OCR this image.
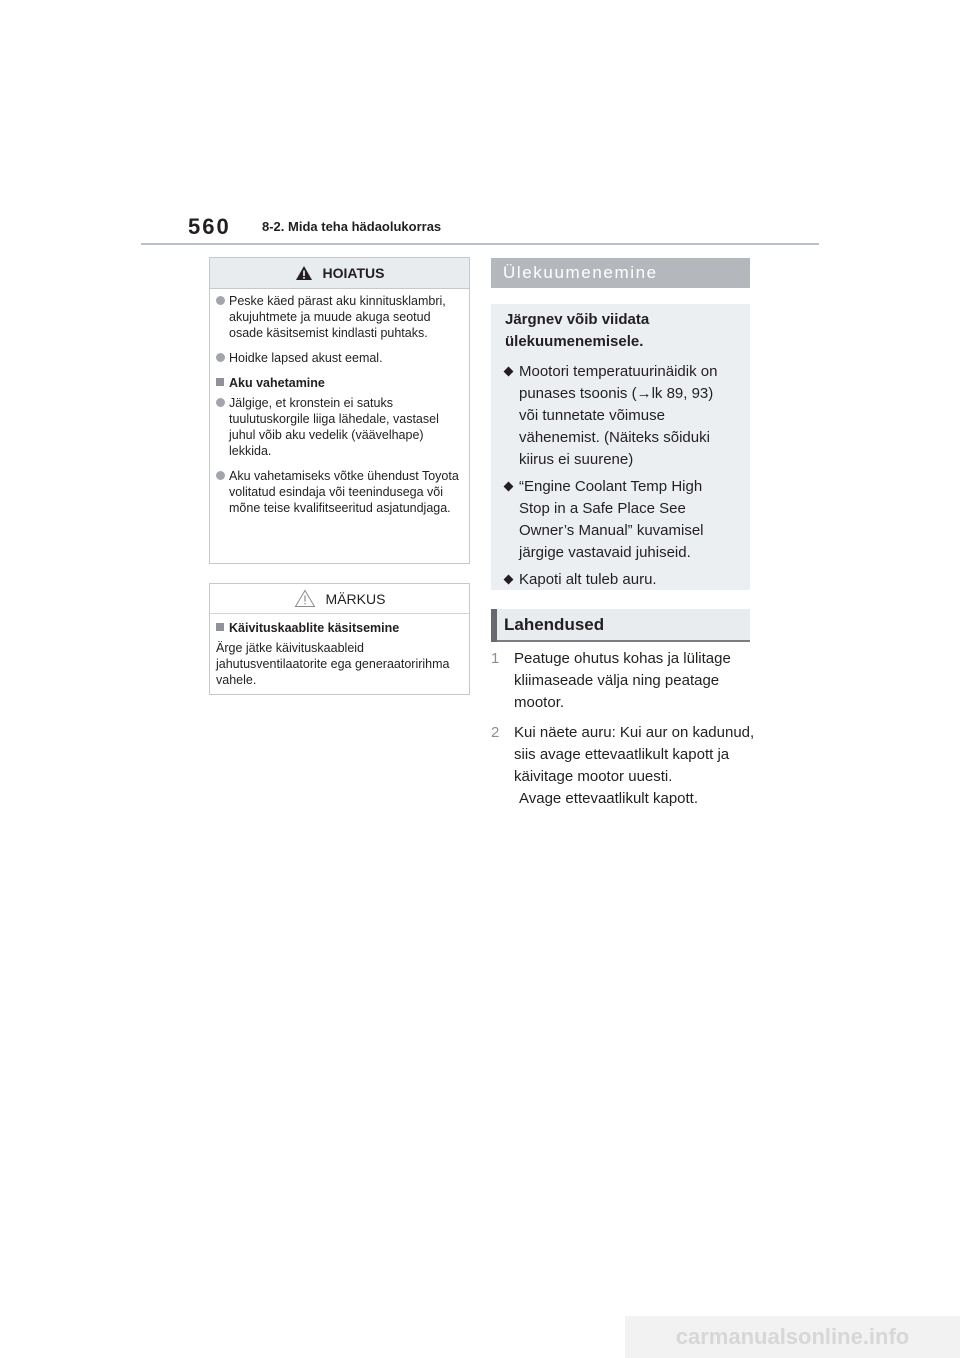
560 8-2. Mida teha hädaolukorras
HOIATUS

Peske käed pärast aku kinnitusklambri, akujuhtmete ja muude akuga seotud osade käsitsemist kindlasti puhtaks.

Hoidke lapsed akust eemal.

Aku vahetamine

Jälgige, et kronstein ei satuks tuulutuskorgile liiga lähedale, vastasel juhul võib aku vedelik (väävelhape) lekkida.

Aku vahetamiseks võtke ühendust Toyota volitatud esindaja või teenindusega või mõne teise kvalifitseeritud asjatundjaga.

MÄRKUS

Käivituskaablite käsitsemine

Ärge jätke käivituskaableid jahutusventilaatorite ega generaatoririhma vahele.

Ülekuumenemine

Järgnev võib viidata ülekuumenemisele.

Mootori temperatuurinäidik on punases tsoonis (→lk 89, 93) või tunnetate võimuse vähenemist. (Näiteks sõiduki kiirus ei suurene)

“Engine Coolant Temp High Stop in a Safe Place See Owner’s Manual” kuvamisel järgige vastavaid juhiseid.

Kapoti alt tuleb auru.

Lahendused
1 Peatuge ohutus kohas ja lülitage kliimaseade välja ning peatage mootor.
2 Kui näete auru: Kui aur on kadunud, siis avage ettevaatlikult kapott ja käivitage mootor uuesti.
Avage ettevaatlikult kapott.
carmanualsonline.info
